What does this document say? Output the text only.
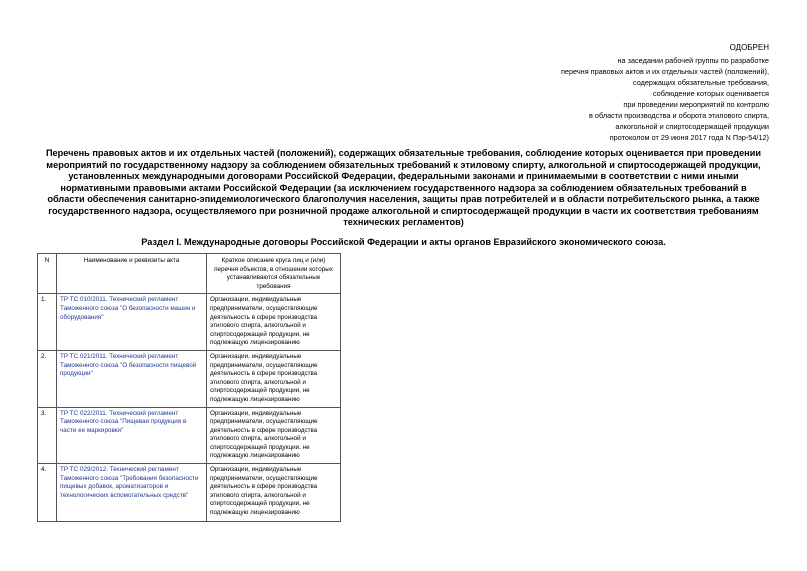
ОДОБРЕН
на заседании рабочей группы по разработке
перечня правовых актов и их отдельных частей (положений),
содержащих обязательные требования,
соблюдение которых оценивается
при проведении мероприятий по контролю
в области производства и оборота этилового спирта,
алкогольной и спиртосодержащей продукции
протоколом от 29 июня 2017 года N Пэр-54/12)
Перечень правовых актов и их отдельных частей (положений), содержащих обязательные требования, соблюдение которых оценивается при проведении мероприятий по государственному надзору за соблюдением обязательных требований к этиловому спирту, алкогольной и спиртосодержащей продукции, установленных международными договорами Российской Федерации, федеральными законами и принимаемыми в соответствии с ними иными нормативными правовыми актами Российской Федерации (за исключением государственного надзора за соблюдением обязательных требований в области обеспечения санитарно-эпидемиологического благополучия населения, защиты прав потребителей и в области потребительского рынка, а также государственного надзора, осуществляемого при розничной продаже алкогольной и спиртосодержащей продукции в части их соответствия требованиям технических регламентов)
Раздел I. Международные договоры Российской Федерации и акты органов Евразийского экономического союза.
N	Наименование и реквизиты акта	Краткое описание круга лиц и (или) перечня объектов, в отношении которых устанавливаются обязательные требования
1.	ТР ТС 010/2011. Технический регламент Таможенного союза "О безопасности машин и оборудования"	Организации, индивидуальные предприниматели, осуществляющие деятельность в сфере производства этилового спирта, алкогольной и спиртосодержащей продукции, не подлежащую лицензированию
2.	ТР ТС 021/2011. Технический регламент Таможенного союза "О безопасности пищевой продукции"	Организации, индивидуальные предприниматели, осуществляющие деятельность в сфере производства этилового спирта, алкогольной и спиртосодержащей продукции, не подлежащую лицензированию
3.	ТР ТС 022/2011. Технический регламент Таможенного союза "Пищевая продукция в части ее маркировки"	Организации, индивидуальные предприниматели, осуществляющие деятельность в сфере производства этилового спирта, алкогольной и спиртосодержащей продукции, не подлежащую лицензированию
4.	ТР ТС 029/2012. Технический регламент Таможенного союза "Требования безопасности пищевых добавок, ароматизаторов и технологических вспомогательных средств"	Организации, индивидуальные предприниматели, осуществляющие деятельность в сфере производства этилового спирта, алкогольной и спиртосодержащей продукции, не подлежащую лицензированию
